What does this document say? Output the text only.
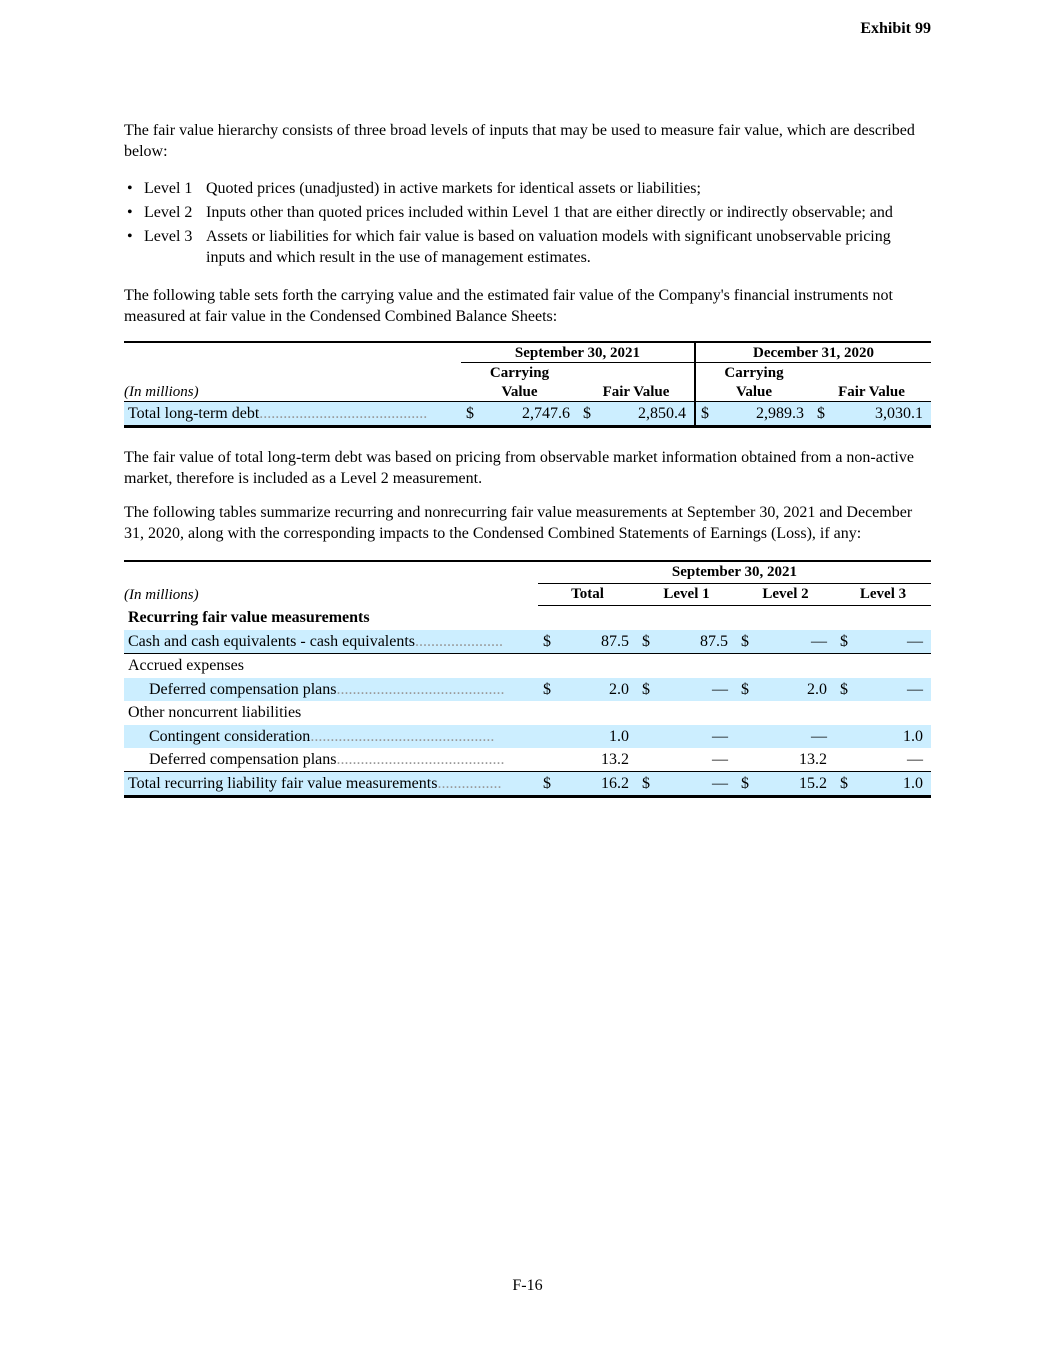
Exhibit 99

The fair value hierarchy consists of three broad levels of inputs that may be used to measure fair value, which are described below:

• Level 1 Quoted prices (unadjusted) in active markets for identical assets or liabilities;
• Level 2 Inputs other than quoted prices included within Level 1 that are either directly or indirectly observable; and
• Level 3 Assets or liabilities for which fair value is based on valuation models with significant unobservable pricing inputs and which result in the use of management estimates.

The following table sets forth the carrying value and the estimated fair value of the Company's financial instruments not measured at fair value in the Condensed Combined Balance Sheets:

	September 30, 2021				December 31, 2020			
	Carrying				Carrying			
(In millions)	Value		Fair Value		Value		Fair Value	
Total long-term debt..........................................	$	2,747.6	$	2,850.4	$	2,989.3	$	3,030.1

The fair value of total long-term debt was based on pricing from observable market information obtained from a non-active market, therefore is included as a Level 2 measurement.

The following tables summarize recurring and nonrecurring fair value measurements at September 30, 2021 and December 31, 2020, along with the corresponding impacts to the Condensed Combined Statements of Earnings (Loss), if any:

	September 30, 2021							
(In millions)	Total		Level 1		Level 2		Level 3	
Recurring fair value measurements								
Cash and cash equivalents - cash equivalents......................	$	87.5	$	87.5	$	—	$	—
Accrued expenses								
Deferred compensation plans..........................................	$	2.0	$	—	$	2.0	$	—
Other noncurrent liabilities								
Contingent consideration..............................................		1.0		—		—		1.0
Deferred compensation plans..........................................		13.2		—		13.2		—
Total recurring liability fair value measurements................	$	16.2	$	—	$	15.2	$	1.0
F-16
